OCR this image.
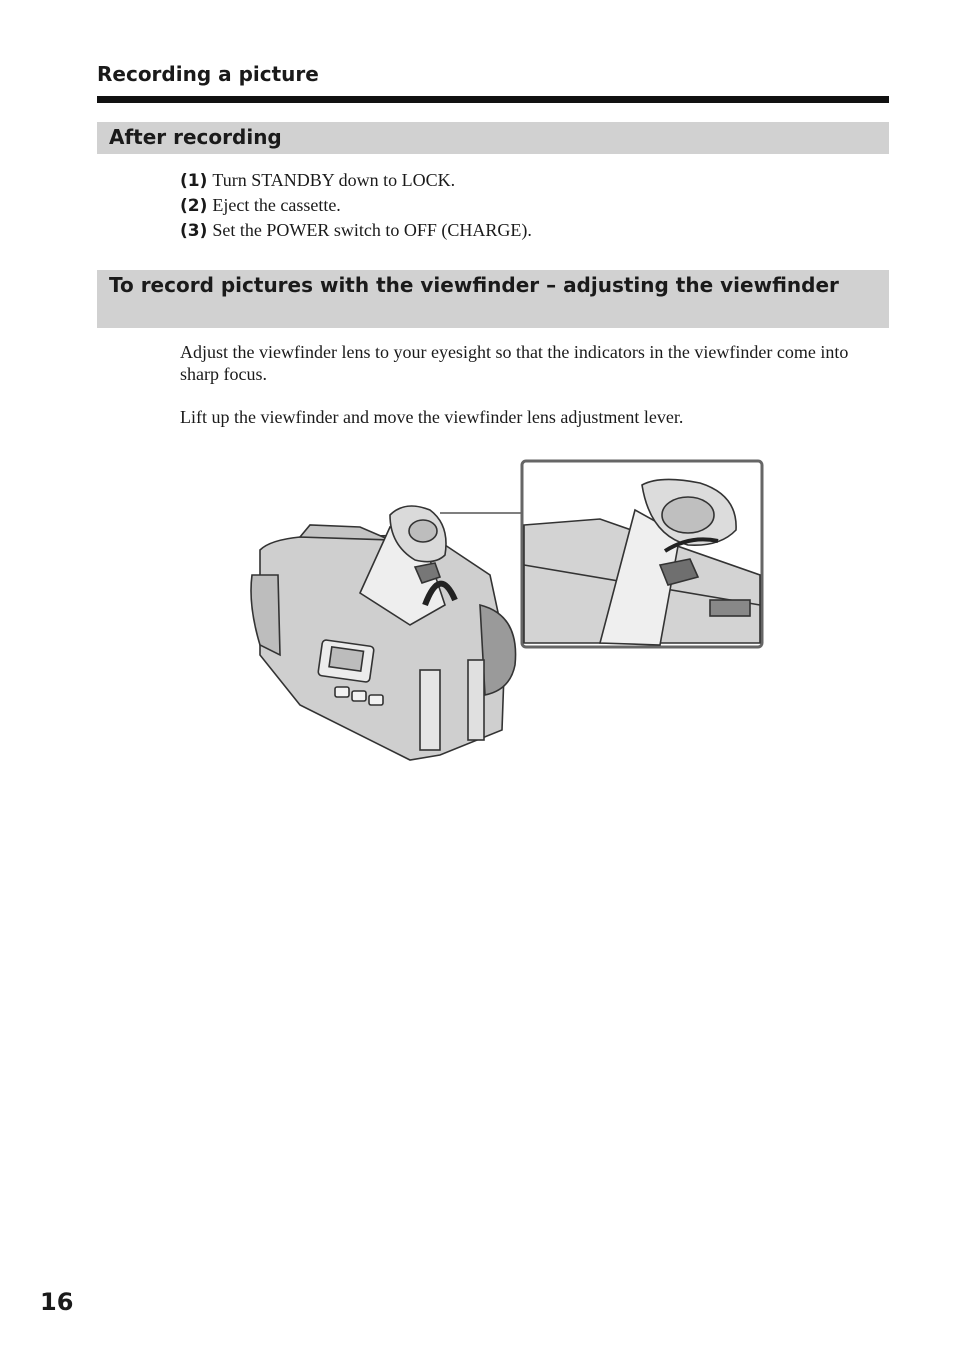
Recording a picture
After recording
(1) Turn STANDBY down to LOCK.
(2) Eject the cassette.
(3) Set the POWER switch to OFF (CHARGE).
To record pictures with the viewfinder – adjusting the viewfinder
Adjust the viewfinder lens to your eyesight so that the indicators in the viewfinder come into sharp focus.
Lift up the viewfinder and move the viewfinder lens adjustment lever.
16
